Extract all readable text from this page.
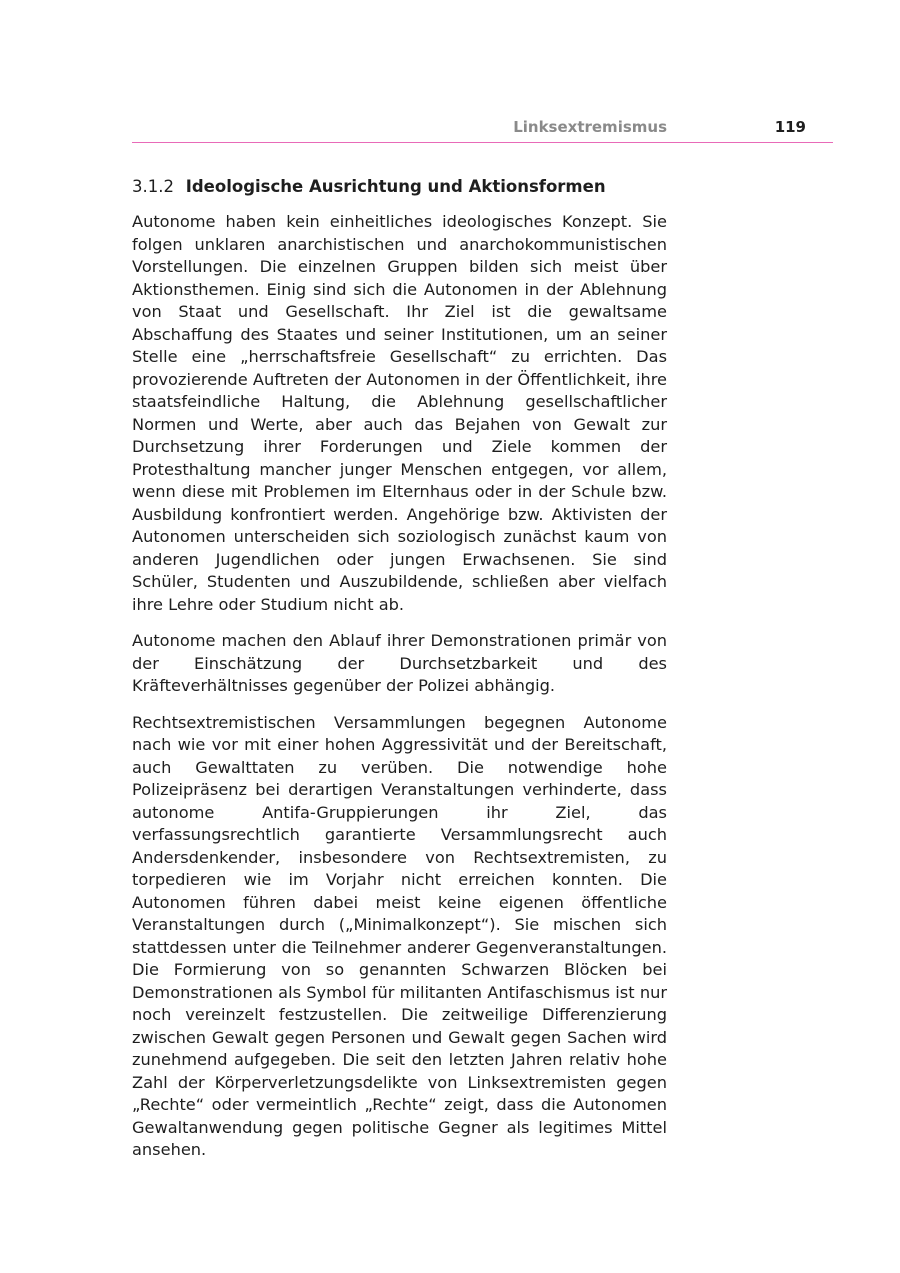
Linksextremismus	119
3.1.2 Ideologische Ausrichtung und Aktionsformen

Autonome haben kein einheitliches ideologisches Konzept. Sie folgen unklaren anarchistischen und anarchokommunistischen Vorstellungen. Die einzelnen Gruppen bilden sich meist über Aktionsthemen. Einig sind sich die Autonomen in der Ablehnung von Staat und Gesellschaft. Ihr Ziel ist die gewaltsame Abschaffung des Staates und seiner Institutionen, um an seiner Stelle eine „herrschaftsfreie Gesellschaft“ zu errichten. Das provozierende Auftreten der Autonomen in der Öffentlichkeit, ihre staatsfeindliche Haltung, die Ablehnung gesellschaftlicher Normen und Werte, aber auch das Bejahen von Gewalt zur Durchsetzung ihrer Forderungen und Ziele kommen der Protesthaltung mancher junger Menschen entgegen, vor allem, wenn diese mit Problemen im Elternhaus oder in der Schule bzw. Ausbildung konfrontiert werden. Angehörige bzw. Aktivisten der Autonomen unterscheiden sich soziologisch zunächst kaum von anderen Jugendlichen oder jungen Erwachsenen. Sie sind Schüler, Studenten und Auszubildende, schließen aber vielfach ihre Lehre oder Studium nicht ab.

Autonome machen den Ablauf ihrer Demonstrationen primär von der Einschätzung der Durchsetzbarkeit und des Kräfteverhältnisses gegenüber der Polizei abhängig.

Rechtsextremistischen Versammlungen begegnen Autonome nach wie vor mit einer hohen Aggressivität und der Bereitschaft, auch Gewalttaten zu verüben. Die notwendige hohe Polizeipräsenz bei derartigen Veranstaltungen verhinderte, dass autonome Antifa-Gruppierungen ihr Ziel, das verfassungsrechtlich garantierte Versammlungsrecht auch Andersdenkender, insbesondere von Rechtsextremisten, zu torpedieren wie im Vorjahr nicht erreichen konnten. Die Autonomen führen dabei meist keine eigenen öffentliche Veranstaltungen durch („Minimalkonzept“). Sie mischen sich stattdessen unter die Teilnehmer anderer Gegenveranstaltungen. Die Formierung von so genannten Schwarzen Blöcken bei Demonstrationen als Symbol für militanten Antifaschismus ist nur noch vereinzelt festzustellen. Die zeitweilige Differenzierung zwischen Gewalt gegen Personen und Gewalt gegen Sachen wird zunehmend aufgegeben. Die seit den letzten Jahren relativ hohe Zahl der Körperverletzungsdelikte von Linksextremisten gegen „Rechte“ oder vermeintlich „Rechte“ zeigt, dass die Autonomen Gewaltanwendung gegen politische Gegner als legitimes Mittel ansehen.
